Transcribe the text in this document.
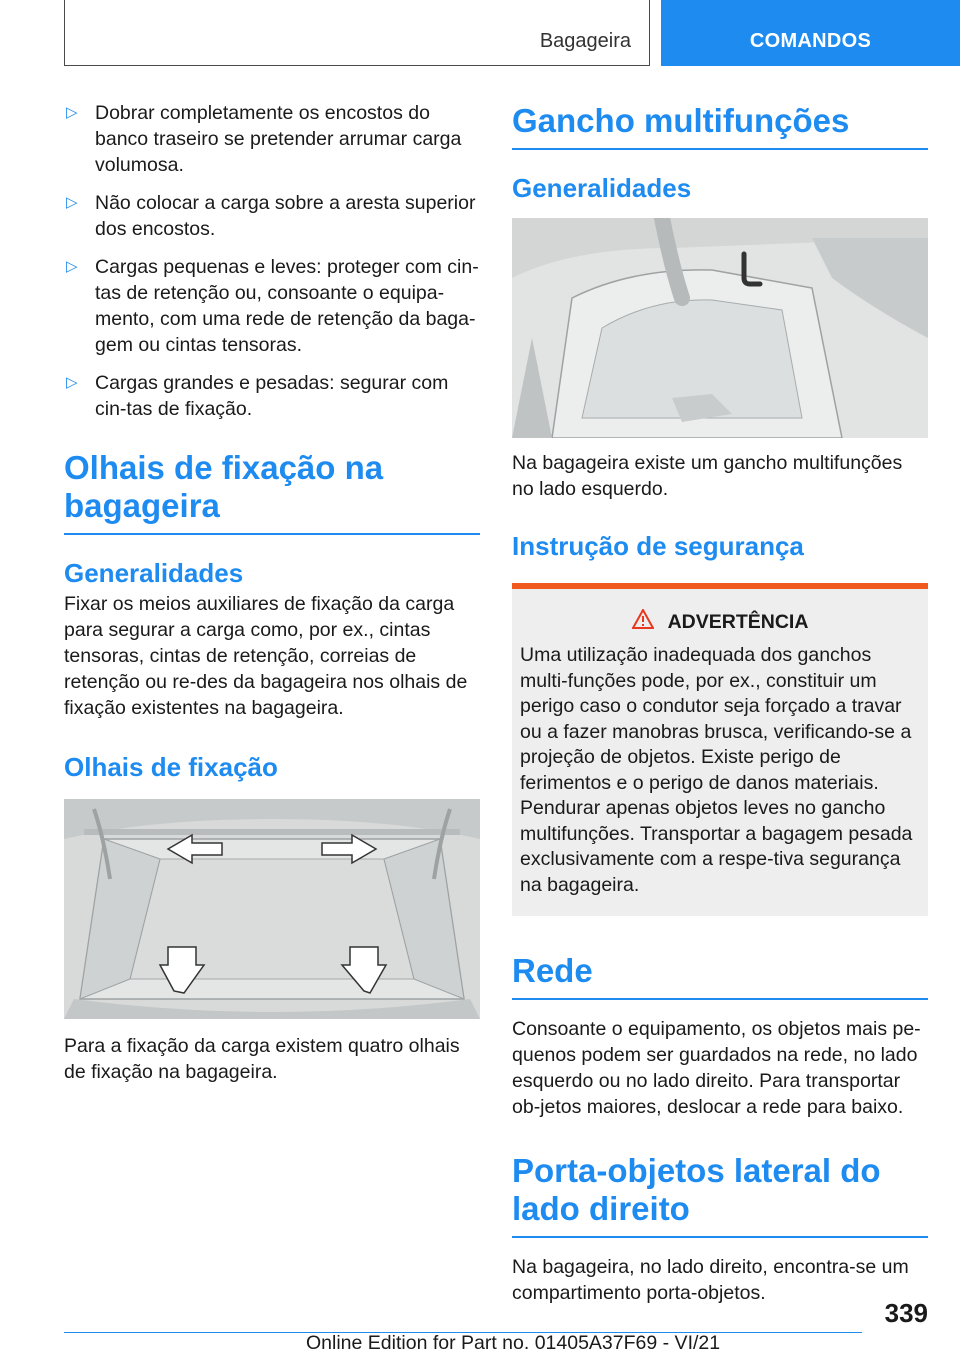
Bagageira	COMANDOS
▷ Dobrar completamente os encostos do banco traseiro se pretender arrumar carga volumosa.
▷ Não colocar a carga sobre a aresta superior dos encostos.
▷ Cargas pequenas e leves: proteger com cin-tas de retenção ou, consoante o equipa-mento, com uma rede de retenção da baga-gem ou cintas tensoras.
▷ Cargas grandes e pesadas: segurar com cin-tas de fixação.
Olhais de fixação na bagageira
Generalidades

Fixar os meios auxiliares de fixação da carga para segurar a carga como, por ex., cintas tensoras, cintas de retenção, correias de retenção ou re-des da bagageira nos olhais de fixação existentes na bagageira.

Olhais de fixação

Para a fixação da carga existem quatro olhais de fixação na bagageira.

Gancho multifunções
Generalidades

Na bagageira existe um gancho multifunções no lado esquerdo.

Instrução de segurança
ADVERTÊNCIA

Uma utilização inadequada dos ganchos multi-funções pode, por ex., constituir um perigo caso o condutor seja forçado a travar ou a fazer manobras brusca, verificando-se a projeção de objetos. Existe perigo de ferimentos e o perigo de danos materiais. Pendurar apenas objetos leves no gancho multifunções. Transportar a bagagem pesada exclusivamente com a respe-tiva segurança na bagageira.

Rede

Consoante o equipamento, os objetos mais pe-quenos podem ser guardados na rede, no lado esquerdo ou no lado direito. Para transportar ob-jetos maiores, deslocar a rede para baixo.

Porta-objetos lateral do lado direito

Na bagageira, no lado direito, encontra-se um compartimento porta-objetos.

339
Online Edition for Part no. 01405A37F69 - VI/21
